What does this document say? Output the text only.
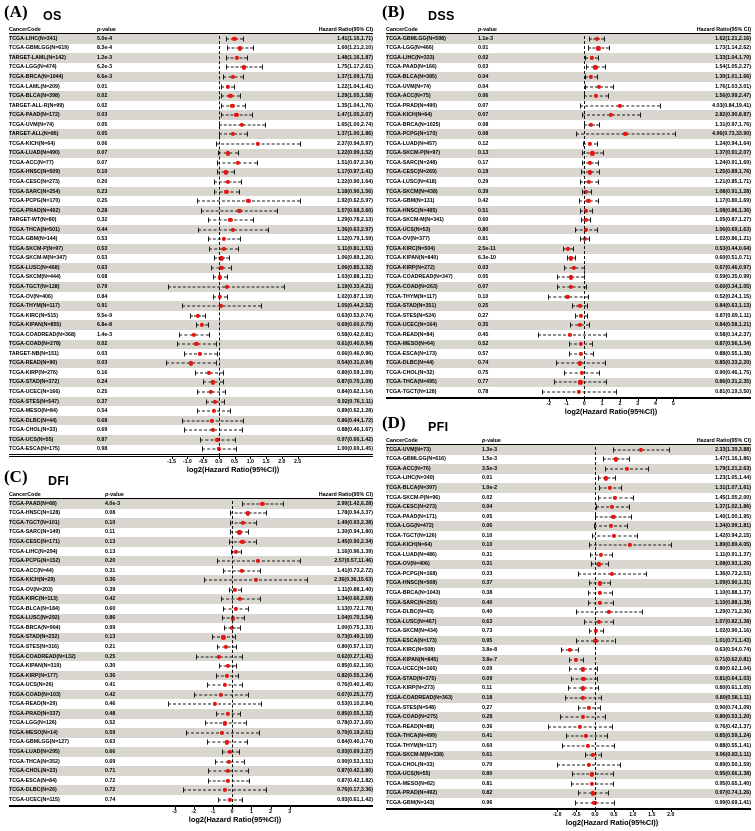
(A) OS
CancerCode	p-value		Hazard Ratio(95% CI)
TCGA-LIHC(N=341)	5.0e-4		1.41(1.16,1.71)
TCGA-GBMLGG(N=619)	8.3e-4		1.60(1.21,2.10)
TARGET-LAML(N=142)	1.2e-3		1.48(1.16,1.87)
TCGA-LGG(N=474)	6.2e-3		1.75(1.17,2.61)
TCGA-BRCA(N=1044)	6.6e-3		1.37(1.09,1.71)
TCGA-LAML(N=209)	0.01		1.22(1.04,1.41)
TCGA-BLCA(N=398)	0.02		1.29(1.05,1.58)
TARGET-ALL-R(N=99)	0.02		1.35(1.04,1.76)
TCGA-PAAD(N=172)	0.03		1.47(1.05,2.07)
TCGA-UVM(N=74)	0.05		1.65(1.00,2.74)
TARGET-ALL(N=86)	0.05		1.37(1.00,1.86)
TCGA-KICH(N=64)	0.06		2.37(0.94,5.97)
TCGA-LUAD(N=490)	0.07		1.22(0.99,1.52)
TCGA-ACC(N=77)	0.07		1.51(0.97,2.34)
TCGA-HNSC(N=509)	0.10		1.17(0.97,1.41)
TCGA-CESC(N=273)	0.20		1.22(0.90,1.64)
TCGA-SARC(N=254)	0.23		1.18(0.90,1.56)
TCGA-PCPG(N=170)	0.25		1.92(0.62,5.97)
TCGA-PRAD(N=492)	0.28		1.57(0.68,3.60)
TARGET-WT(N=80)	0.32		1.29(0.78,2.13)
TCGA-THCA(N=501)	0.44		1.36(0.63,2.97)
TCGA-GBM(N=144)	0.53		1.12(0.79,1.59)
TCGA-SKCM-P(N=97)	0.53		1.11(0.81,1.51)
TCGA-SKCM-M(N=347)	0.53		1.06(0.89,1.26)
TCGA-LUSC(N=468)	0.63		1.06(0.85,1.32)
TCGA-SKCM(N=444)	0.68		1.03(0.88,1.21)
TCGA-TGCT(N=128)	0.79		1.19(0.33,4.21)
TCGA-OV(N=406)	0.84		1.02(0.87,1.19)
TCGA-THYM(N=117)	0.91		1.05(0.44,2.52)
TCGA-KIRC(N=515)	9.5e-9		0.63(0.53,0.74)
TCGA-KIPAN(N=855)	6.8e-8		0.69(0.60,0.79)
TCGA-COADREAD(N=368)	1.4e-3		0.58(0.42,0.81)
TCGA-COAD(N=278)	0.02		0.61(0.40,0.94)
TARGET-NB(N=151)	0.03		0.66(0.46,0.96)
TCGA-READ(N=90)	0.03		0.54(0.31,0.94)
TCGA-KIRP(N=276)	0.16		0.80(0.59,1.09)
TCGA-STAD(N=372)	0.24		0.87(0.70,1.09)
TCGA-UCEC(N=166)	0.25		0.84(0.62,1.14)
TCGA-STES(N=547)	0.37		0.92(0.76,1.11)
TCGA-MESO(N=84)	0.54		0.89(0.62,1.28)
TCGA-DLBC(N=44)	0.68		0.86(0.44,1.72)
TCGA-CHOL(N=33)	0.69		0.88(0.46,1.67)
TCGA-UCS(N=55)	0.87		0.97(0.66,1.42)
TCGA-ESCA(N=175)	0.98		1.00(0.69,1.45)
-1.5 -1.0 -0.5 0.0 0.5 1.0 1.5 2.0 2.5
log2(Hazard Ratio(95%CI))
(B) DSS
CancerCode	p-value		Hazard Ratio(95% CI)
TCGA-GBMLGG(N=598)	1.1e-3		1.62(1.21,2.16)
TCGA-LGG(N=466)	0.01		1.73(1.14,2.62)
TCGA-LIHC(N=333)	0.02		1.33(1.04,1.70)
TCGA-PAAD(N=166)	0.03		1.54(1.05,2.27)
TCGA-BLCA(N=385)	0.04		1.30(1.01,1.66)
TCGA-UVM(N=74)	0.04		1.76(1.03,3.01)
TCGA-ACC(N=75)	0.06		1.56(0.99,2.47)
TCGA-PRAD(N=490)	0.07		4.03(0.84,19.41)
TCGA-KICH(N=64)	0.07		2.82(0.90,8.87)
TCGA-BRCA(N=1025)	0.08		1.31(0.97,1.76)
TCGA-PCPG(N=170)	0.08		4.96(0.73,33.90)
TCGA-LUAD(N=457)	0.12		1.24(0.94,1.64)
TCGA-SKCM-P(N=97)	0.13		1.37(0.91,2.07)
TCGA-SARC(N=248)	0.17		1.24(0.91,1.69)
TCGA-CESC(N=269)	0.19		1.25(0.89,1.76)
TCGA-LUSC(N=418)	0.29		1.21(0.85,1.71)
TCGA-SKCM(N=438)	0.39		1.08(0.91,1.28)
TCGA-GBM(N=131)	0.42		1.17(0.80,1.69)
TCGA-HNSC(N=485)	0.51		1.08(0.86,1.36)
TCGA-SKCM-M(N=341)	0.60		1.05(0.87,1.27)
TCGA-UCS(N=53)	0.80		1.06(0.69,1.63)
TCGA-OV(N=377)	0.81		1.02(0.86,1.21)
TCGA-KIRC(N=504)	2.5e-11		0.53(0.44,0.64)
TCGA-KIPAN(N=840)	6.3e-10		0.60(0.51,0.71)
TCGA-KIRP(N=272)	0.03		0.67(0.46,0.97)
TCGA-COADREAD(N=347)	0.05		0.59(0.35,0.99)
TCGA-COAD(N=263)	0.07		0.60(0.34,1.05)
TCGA-THYM(N=117)	0.10		0.52(0.24,1.15)
TCGA-STAD(N=351)	0.25		0.84(0.63,1.13)
TCGA-STES(N=524)	0.27		0.87(0.69,1.11)
TCGA-UCEC(N=164)	0.35		0.84(0.58,1.21)
TCGA-READ(N=84)	0.45		0.58(0.14,2.37)
TCGA-MESO(N=64)	0.52		0.87(0.56,1.34)
TCGA-ESCA(N=173)	0.57		0.88(0.55,1.38)
TCGA-DLBC(N=44)	0.74		0.85(0.33,2.20)
TCGA-CHOL(N=32)	0.75		0.90(0.46,1.75)
TCGA-THCA(N=495)	0.77		0.86(0.31,2.35)
TCGA-TGCT(N=128)	0.78		0.81(0.19,3.50)
-2	-1	0	1	2	3	4	5
log2(Hazard Ratio(95%CI))
(C) DFI
CancerCode	p-value		Hazard Ratio(95% CI)
TCGA-PAAD(N=68)	4.0e-3		2.99(1.42,6.28)
TCGA-HNSC(N=128)	0.08		1.78(0.94,3.37)
TCGA-TGCT(N=101)	0.10		1.49(0.93,2.38)
TCGA-SARC(N=149)	0.11		1.30(0.94,1.80)
TCGA-CESC(N=171)	0.13		1.45(0.90,2.34)
TCGA-LIHC(N=294)	0.13		1.16(0.96,1.39)
TCGA-PCPG(N=152)	0.20		2.57(0.57,11.46)
TCGA-ACC(N=44)	0.31		1.41(0.73,2.72)
TCGA-KICH(N=29)	0.36		2.36(0.36,15.63)
TCGA-OV(N=203)	0.39		1.11(0.88,1.40)
TCGA-KIRC(N=113)	0.42		1.34(0.66,2.69)
TCGA-BLCA(N=184)	0.60		1.13(0.72,1.78)
TCGA-LUSC(N=292)	0.86		1.04(0.70,1.54)
TCGA-BRCA(N=904)	0.99		1.00(0.75,1.33)
TCGA-STAD(N=232)	0.13		0.73(0.49,1.10)
TCGA-STES(N=316)	0.21		0.80(0.57,1.13)
TCGA-COADREAD(N=132)	0.25		0.62(0.27,1.41)
TCGA-KIPAN(N=319)	0.30		0.85(0.62,1.16)
TCGA-KIRP(N=177)	0.36		0.82(0.55,1.24)
TCGA-UCS(N=26)	0.41		0.76(0.40,1.45)
TCGA-COAD(N=103)	0.42		0.67(0.25,1.77)
TCGA-READ(N=29)	0.46		0.53(0.10,2.84)
TCGA-PRAD(N=337)	0.48		0.85(0.55,1.32)
TCGA-LGG(N=126)	0.52		0.78(0.37,1.65)
TCGA-MESO(N=14)	0.59		0.70(0.19,2.61)
TCGA-GBMLGG(N=127)	0.63		0.84(0.40,1.74)
TCGA-LUAD(N=295)	0.66		0.93(0.69,1.27)
TCGA-THCA(N=352)	0.69		0.90(0.53,1.51)
TCGA-CHOL(N=23)	0.71		0.87(0.42,1.80)
TCGA-ESCA(N=84)	0.72		0.87(0.42,1.82)
TCGA-DLBC(N=26)	0.72		0.76(0.17,3.36)
TCGA-UCEC(N=115)	0.74		0.93(0.61,1.42)
-3	-2	-1	0	1	2	3
log2(Hazard Ratio(95%CI))
(D) PFI
CancerCode	p-value		Hazard Ratio(95% CI)
TCGA-UVM(N=73)	1.3e-3		2.33(1.39,3.88)
TCGA-GBMLGG(N=616)	1.5e-3		1.47(1.16,1.86)
TCGA-ACC(N=76)	3.5e-3		1.79(1.21,2.63)
TCGA-LIHC(N=340)	0.01		1.23(1.05,1.44)
TCGA-BLCA(N=397)	1.0e-2		1.31(1.07,1.61)
TCGA-SKCM-P(N=96)	0.02		1.45(1.05,2.00)
TCGA-CESC(N=273)	0.04		1.37(1.02,1.86)
TCGA-PAAD(N=171)	0.05		1.40(1.00,1.95)
TCGA-LGG(N=472)	0.06		1.34(0.99,1.81)
TCGA-TGCT(N=126)	0.10		1.42(0.94,2.15)
TCGA-KICH(N=64)	0.10		1.89(0.89,4.05)
TCGA-LUAD(N=486)	0.31		1.11(0.91,1.37)
TCGA-OV(N=406)	0.31		1.08(0.93,1.26)
TCGA-PCPG(N=168)	0.33		1.36(0.73,2.53)
TCGA-HNSC(N=508)	0.37		1.09(0.90,1.31)
TCGA-BRCA(N=1043)	0.38		1.10(0.88,1.37)
TCGA-SARC(N=250)	0.40		1.10(0.88,1.38)
TCGA-DLBC(N=43)	0.40		1.29(0.71,2.36)
TCGA-LUSC(N=467)	0.63		1.07(0.82,1.38)
TCGA-SKCM(N=434)	0.73		1.02(0.90,1.16)
TCGA-ESCA(N=173)	0.95		1.01(0.71,1.43)
TCGA-KIRC(N=508)	3.8e-8		0.63(0.54,0.74)
TCGA-KIPAN(N=845)	3.8e-7		0.71(0.62,0.81)
TCGA-UCEC(N=166)	0.09		0.80(0.62,1.04)
TCGA-STAD(N=375)	0.09		0.81(0.64,1.03)
TCGA-KIRP(N=273)	0.11		0.80(0.61,1.05)
TCGA-COADREAD(N=363)	0.18		0.80(0.58,1.11)
TCGA-STES(N=548)	0.27		0.90(0.74,1.09)
TCGA-COAD(N=275)	0.28		0.80(0.53,1.20)
TCGA-READ(N=88)	0.36		0.76(0.42,1.37)
TCGA-THCA(N=499)	0.41		0.85(0.59,1.24)
TCGA-THYM(N=117)	0.60		0.88(0.55,1.41)
TCGA-SKCM-M(N=338)	0.61		0.96(0.83,1.11)
TCGA-CHOL(N=33)	0.70		0.89(0.50,1.59)
TCGA-UCS(N=55)	0.80		0.95(0.66,1.38)
TCGA-MESO(N=82)	0.81		0.95(0.65,1.40)
TCGA-PRAD(N=492)	0.82		0.97(0.74,1.26)
TCGA-GBM(N=143)	0.96		0.99(0.69,1.41)
-1.0 -0.5 0.0 0.5 1.0 1.5 2.0
log2(Hazard Ratio(95%CI))
